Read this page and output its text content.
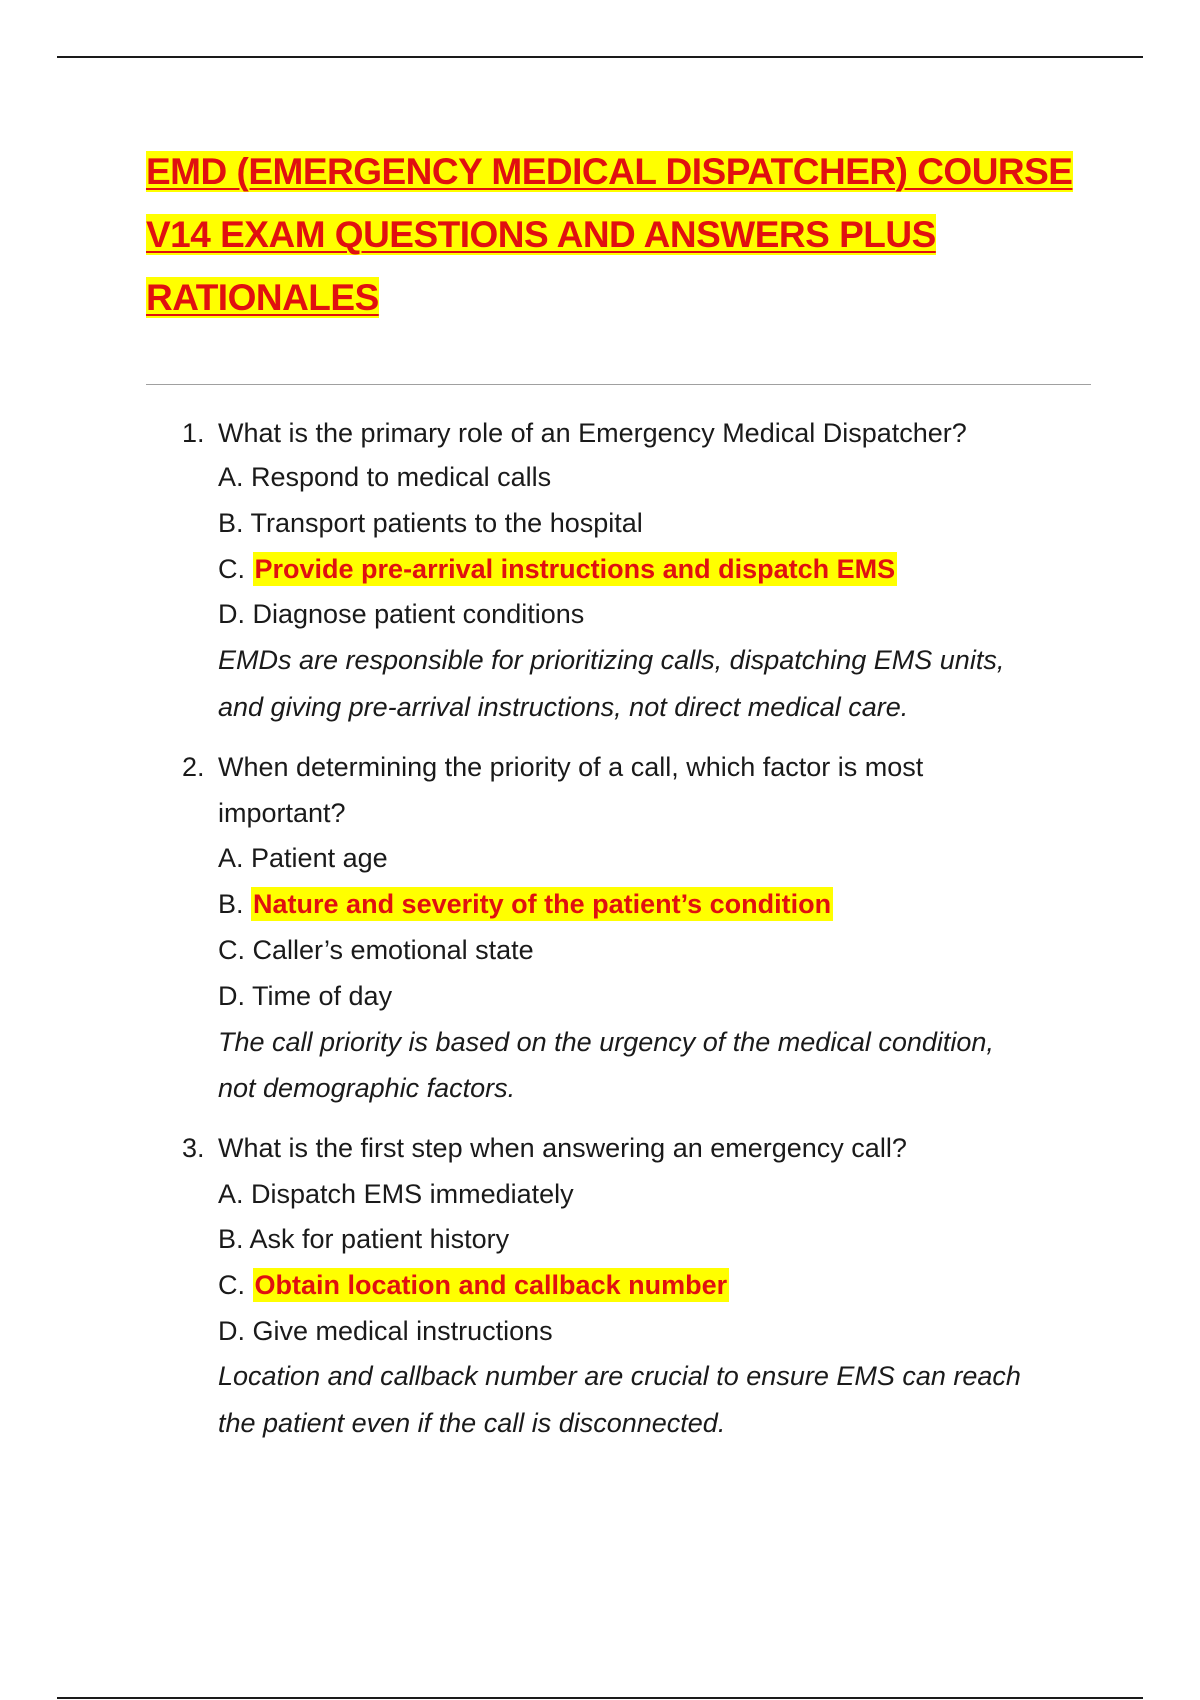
EMD (EMERGENCY MEDICAL DISPATCHER) COURSE
V14 EXAM QUESTIONS AND ANSWERS PLUS
RATIONALES
1. What is the primary role of an Emergency Medical Dispatcher?
A. Respond to medical calls
B. Transport patients to the hospital
C. Provide pre-arrival instructions and dispatch EMS
D. Diagnose patient conditions
EMDs are responsible for prioritizing calls, dispatching EMS units,
and giving pre-arrival instructions, not direct medical care.
2. When determining the priority of a call, which factor is most
important?
A. Patient age
B. Nature and severity of the patient’s condition
C. Caller’s emotional state
D. Time of day
The call priority is based on the urgency of the medical condition,
not demographic factors.
3. What is the first step when answering an emergency call?
A. Dispatch EMS immediately
B. Ask for patient history
C. Obtain location and callback number
D. Give medical instructions
Location and callback number are crucial to ensure EMS can reach
the patient even if the call is disconnected.
